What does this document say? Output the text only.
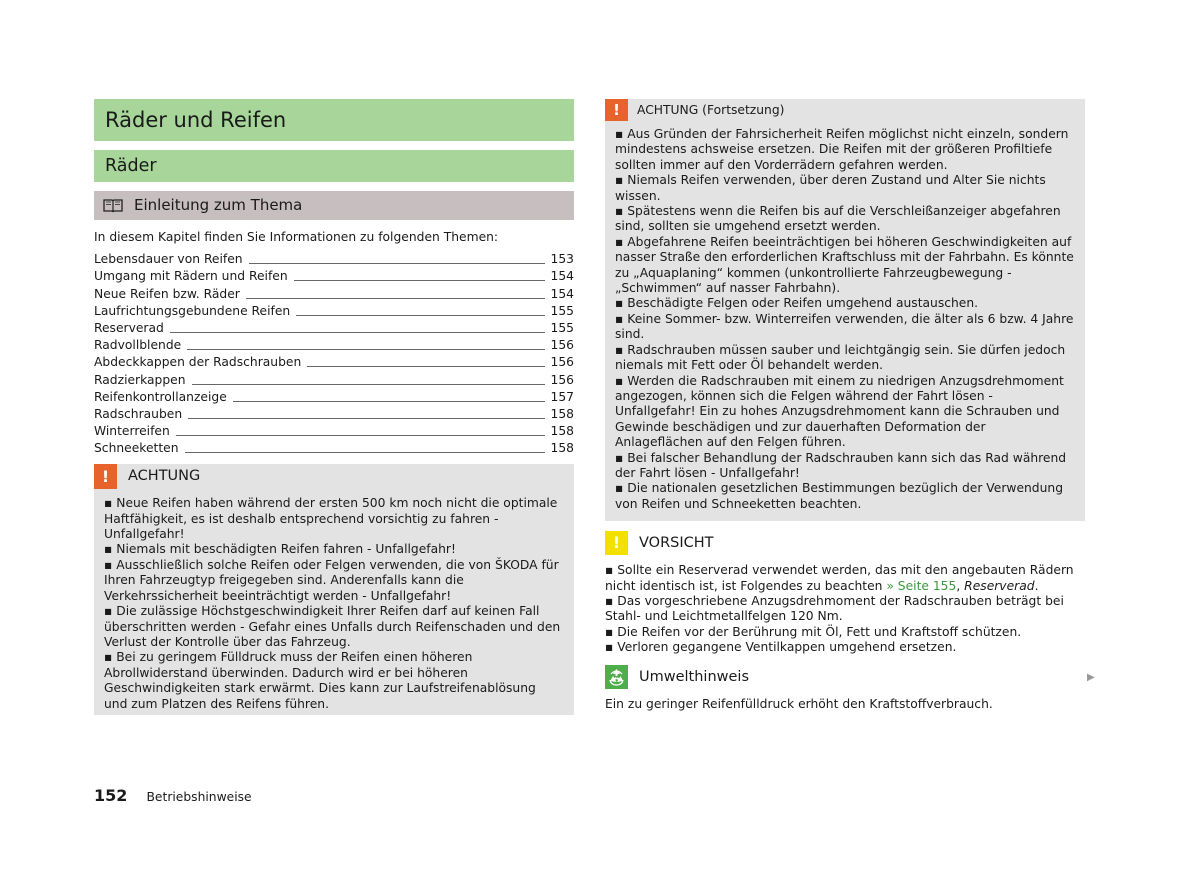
Räder und Reifen
Räder
Einleitung zum Thema
In diesem Kapitel finden Sie Informationen zu folgenden Themen:
Lebensdauer von Reifen	153
Umgang mit Rädern und Reifen	154
Neue Reifen bzw. Räder	154
Laufrichtungsgebundene Reifen	155
Reserverad	155
Radvollblende	156
Abdeckkappen der Radschrauben	156
Radzierkappen	156
Reifenkontrollanzeige	157
Radschrauben	158
Winterreifen	158
Schneeketten	158
!	ACHTUNG

▪ Neue Reifen haben während der ersten 500 km noch nicht die optimale Haftfähigkeit, es ist deshalb entsprechend vorsichtig zu fahren - Unfallgefahr!

▪ Niemals mit beschädigten Reifen fahren - Unfallgefahr!

▪ Ausschließlich solche Reifen oder Felgen verwenden, die von ŠKODA für Ihren Fahrzeugtyp freigegeben sind. Anderenfalls kann die Verkehrssicherheit beeinträchtigt werden - Unfallgefahr!

▪ Die zulässige Höchstgeschwindigkeit Ihrer Reifen darf auf keinen Fall überschritten werden - Gefahr eines Unfalls durch Reifenschaden und den Verlust der Kontrolle über das Fahrzeug.

▪ Bei zu geringem Fülldruck muss der Reifen einen höheren Abrollwiderstand überwinden. Dadurch wird er bei höheren Geschwindigkeiten stark erwärmt. Dies kann zur Laufstreifenablösung und zum Platzen des Reifens führen.

!	ACHTUNG (Fortsetzung)

▪ Aus Gründen der Fahrsicherheit Reifen möglichst nicht einzeln, sondern mindestens achsweise ersetzen. Die Reifen mit der größeren Profiltiefe sollten immer auf den Vorderrädern gefahren werden.

▪ Niemals Reifen verwenden, über deren Zustand und Alter Sie nichts wissen.

▪ Spätestens wenn die Reifen bis auf die Verschleißanzeiger abgefahren sind, sollten sie umgehend ersetzt werden.

▪ Abgefahrene Reifen beeinträchtigen bei höheren Geschwindigkeiten auf nasser Straße den erforderlichen Kraftschluss mit der Fahrbahn. Es könnte zu „Aquaplaning“ kommen (unkontrollierte Fahrzeugbewegung - „Schwimmen“ auf nasser Fahrbahn).

▪ Beschädigte Felgen oder Reifen umgehend austauschen.

▪ Keine Sommer- bzw. Winterreifen verwenden, die älter als 6 bzw. 4 Jahre sind.

▪ Radschrauben müssen sauber und leichtgängig sein. Sie dürfen jedoch niemals mit Fett oder Öl behandelt werden.

▪ Werden die Radschrauben mit einem zu niedrigen Anzugsdrehmoment angezogen, können sich die Felgen während der Fahrt lösen - Unfallgefahr! Ein zu hohes Anzugsdrehmoment kann die Schrauben und Gewinde beschädigen und zur dauerhaften Deformation der Anlageflächen auf den Felgen führen.

▪ Bei falscher Behandlung der Radschrauben kann sich das Rad während der Fahrt lösen - Unfallgefahr!

▪ Die nationalen gesetzlichen Bestimmungen bezüglich der Verwendung von Reifen und Schneeketten beachten.

!	VORSICHT

▪ Sollte ein Reserverad verwendet werden, das mit den angebauten Rädern nicht identisch ist, ist Folgendes zu beachten » Seite 155, Reserverad.

▪ Das vorgeschriebene Anzugsdrehmoment der Radschrauben beträgt bei Stahl- und Leichtmetallfelgen 120 Nm.

▪ Die Reifen vor der Berührung mit Öl, Fett und Kraftstoff schützen.

▪ Verloren gegangene Ventilkappen umgehend ersetzen.

Umwelthinweis
Ein zu geringer Reifenfülldruck erhöht den Kraftstoffverbrauch.
▶
152 Betriebshinweise
